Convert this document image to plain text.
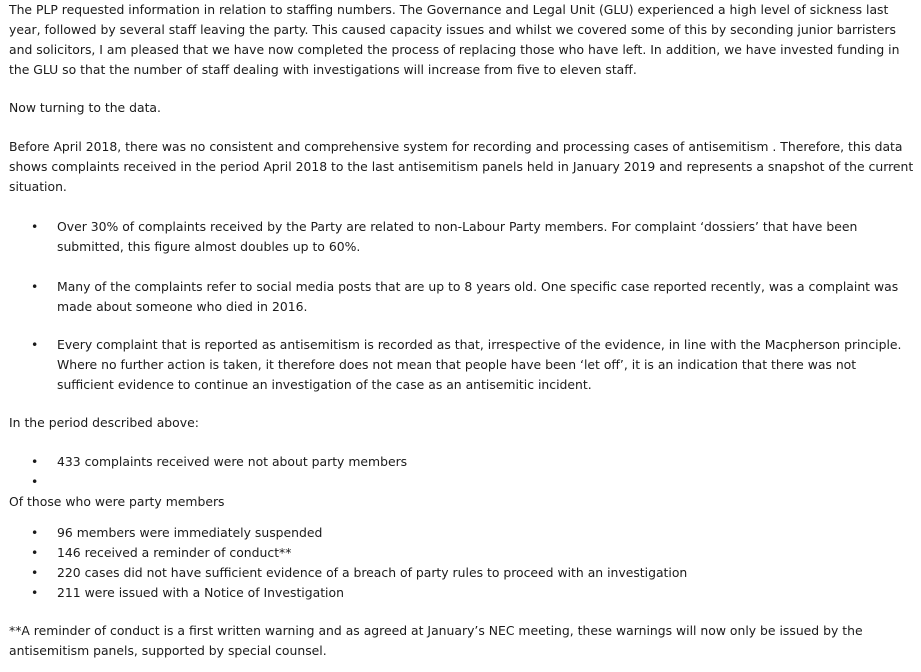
The PLP requested information in relation to staffing numbers. The Governance and Legal Unit (GLU) experienced a high level of sickness last year, followed by several staff leaving the party. This caused capacity issues and whilst we covered some of this by seconding junior barristers and solicitors, I am pleased that we have now completed the process of replacing those who have left. In addition, we have invested funding in the GLU so that the number of staff dealing with investigations will increase from five to eleven staff.

Now turning to the data.

Before April 2018, there was no consistent and comprehensive system for recording and processing cases of antisemitism . Therefore, this data shows complaints received in the period April 2018 to the last antisemitism panels held in January 2019 and represents a snapshot of the current situation.

• Over 30% of complaints received by the Party are related to non-Labour Party members. For complaint ‘dossiers’ that have been submitted, this figure almost doubles up to 60%.
• Many of the complaints refer to social media posts that are up to 8 years old. One specific case reported recently, was a complaint was made about someone who died in 2016.
• Every complaint that is reported as antisemitism is recorded as that, irrespective of the evidence, in line with the Macpherson principle. Where no further action is taken, it therefore does not mean that people have been ‘let off’, it is an indication that there was not sufficient evidence to continue an investigation of the case as an antisemitic incident.

In the period described above:

• 433 complaints received were not about party members
•

Of those who were party members

• 96 members were immediately suspended
• 146 received a reminder of conduct**
• 220 cases did not have sufficient evidence of a breach of party rules to proceed with an investigation
• 211 were issued with a Notice of Investigation

**A reminder of conduct is a first written warning and as agreed at January’s NEC meeting, these warnings will now only be issued by the antisemitism panels, supported by special counsel.
